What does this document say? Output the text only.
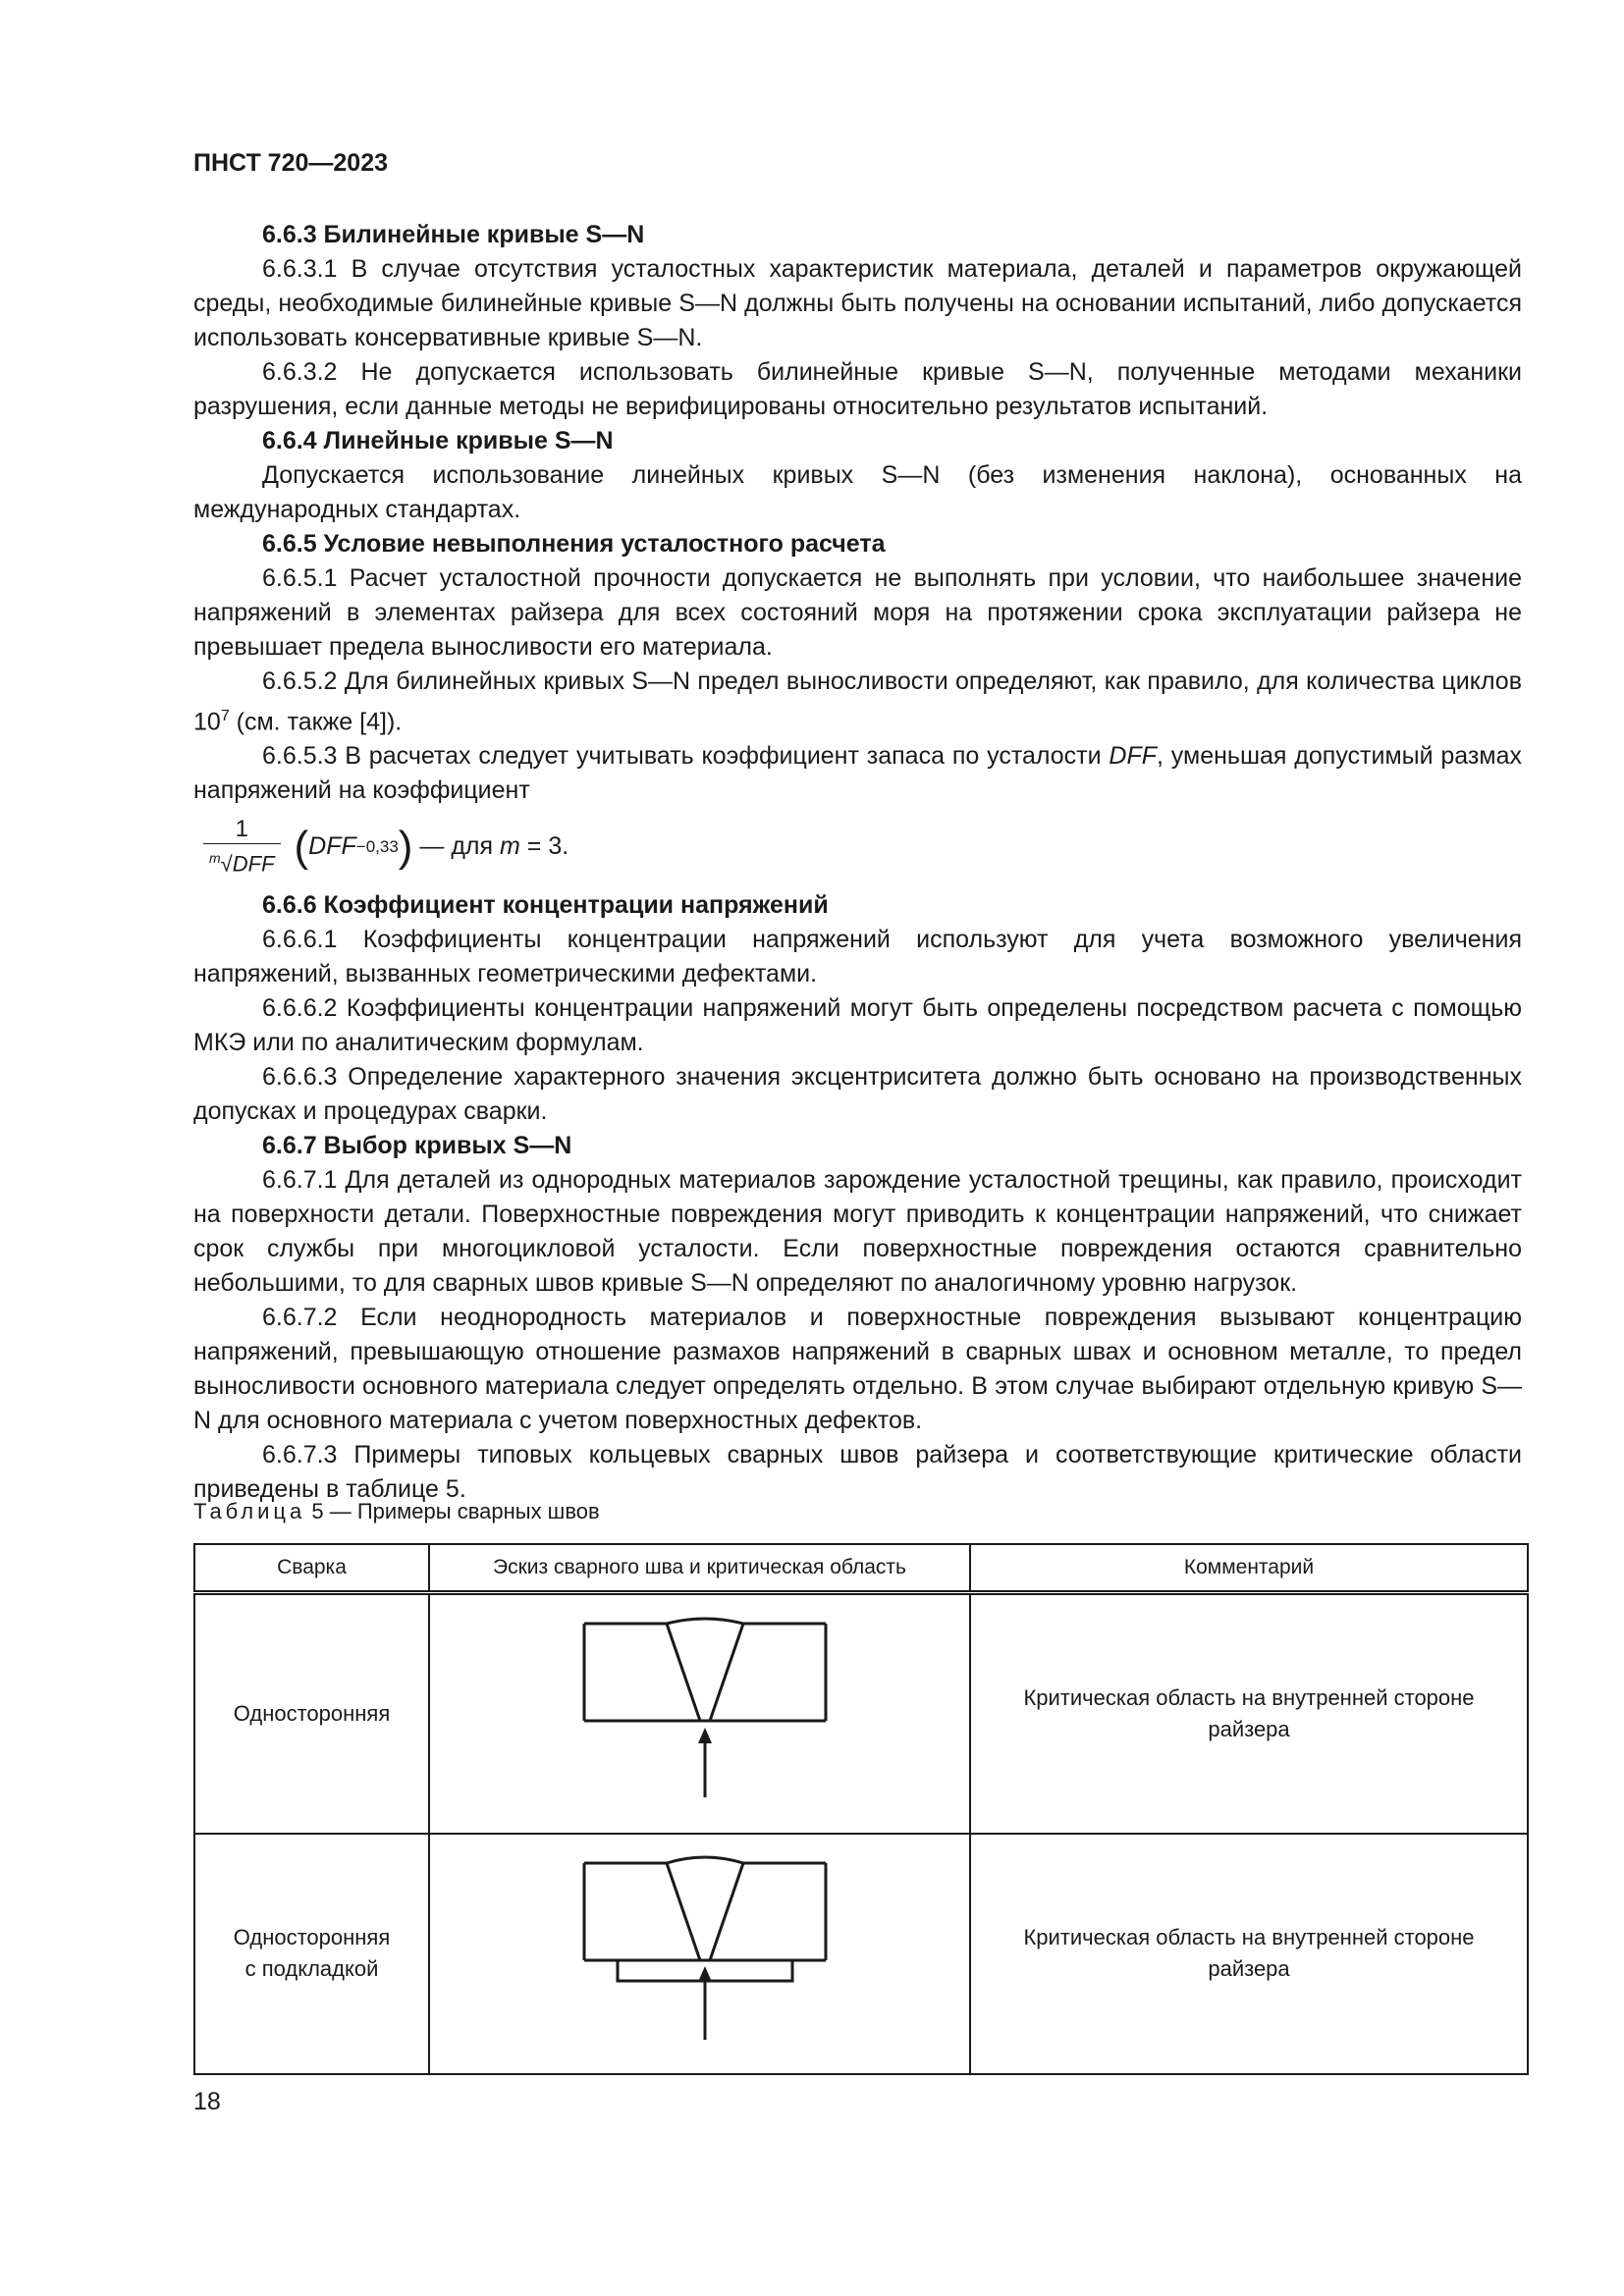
ПНСТ 720—2023

6.6.3 Билинейные кривые S—N

6.6.3.1 В случае отсутствия усталостных характеристик материала, деталей и параметров окружающей среды, необходимые билинейные кривые S—N должны быть получены на основании испытаний, либо допускается использовать консервативные кривые S—N.

6.6.3.2 Не допускается использовать билинейные кривые S—N, полученные методами механики разрушения, если данные методы не верифицированы относительно результатов испытаний.

6.6.4 Линейные кривые S—N

Допускается использование линейных кривых S—N (без изменения наклона), основанных на международных стандартах.

6.6.5 Условие невыполнения усталостного расчета

6.6.5.1 Расчет усталостной прочности допускается не выполнять при условии, что наибольшее значение напряжений в элементах райзера для всех состояний моря на протяжении срока эксплуатации райзера не превышает предела выносливости его материала.

6.6.5.2 Для билинейных кривых S—N предел выносливости определяют, как правило, для количества циклов $10^7$ (см. также [4]).

6.6.5.3 В расчетах следует учитывать коэффициент запаса по усталости DFF, уменьшая допустимый размах напряжений на коэффициент

$\frac{1}{^m√DFF}$ ( DFF −0,33 ) — для m = 3.

6.6.6 Коэффициент концентрации напряжений

6.6.6.1 Коэффициенты концентрации напряжений используют для учета возможного увеличения напряжений, вызванных геометрическими дефектами.

6.6.6.2 Коэффициенты концентрации напряжений могут быть определены посредством расчета с помощью МКЭ или по аналитическим формулам.

6.6.6.3 Определение характерного значения эксцентриситета должно быть основано на производственных допусках и процедурах сварки.

6.6.7 Выбор кривых S—N

6.6.7.1 Для деталей из однородных материалов зарождение усталостной трещины, как правило, происходит на поверхности детали. Поверхностные повреждения могут приводить к концентрации напряжений, что снижает срок службы при многоцикловой усталости. Если поверхностные повреждения остаются сравнительно небольшими, то для сварных швов кривые S—N определяют по аналогичному уровню нагрузок.

6.6.7.2 Если неоднородность материалов и поверхностные повреждения вызывают концентрацию напряжений, превышающую отношение размахов напряжений в сварных швах и основном металле, то предел выносливости основного материала следует определять отдельно. В этом случае выбирают отдельную кривую S—N для основного материала с учетом поверхностных дефектов.

6.6.7.3 Примеры типовых кольцевых сварных швов райзера и соответствующие критические области приведены в таблице 5.

Таблица 5 — Примеры сварных швов
Сварка	Эскиз сварного шва и критическая область	Комментарий
Односторонняя		Критическая область на внутренней стороне
райзера
Односторонняя
с подкладкой		Критическая область на внутренней стороне
райзера
18
